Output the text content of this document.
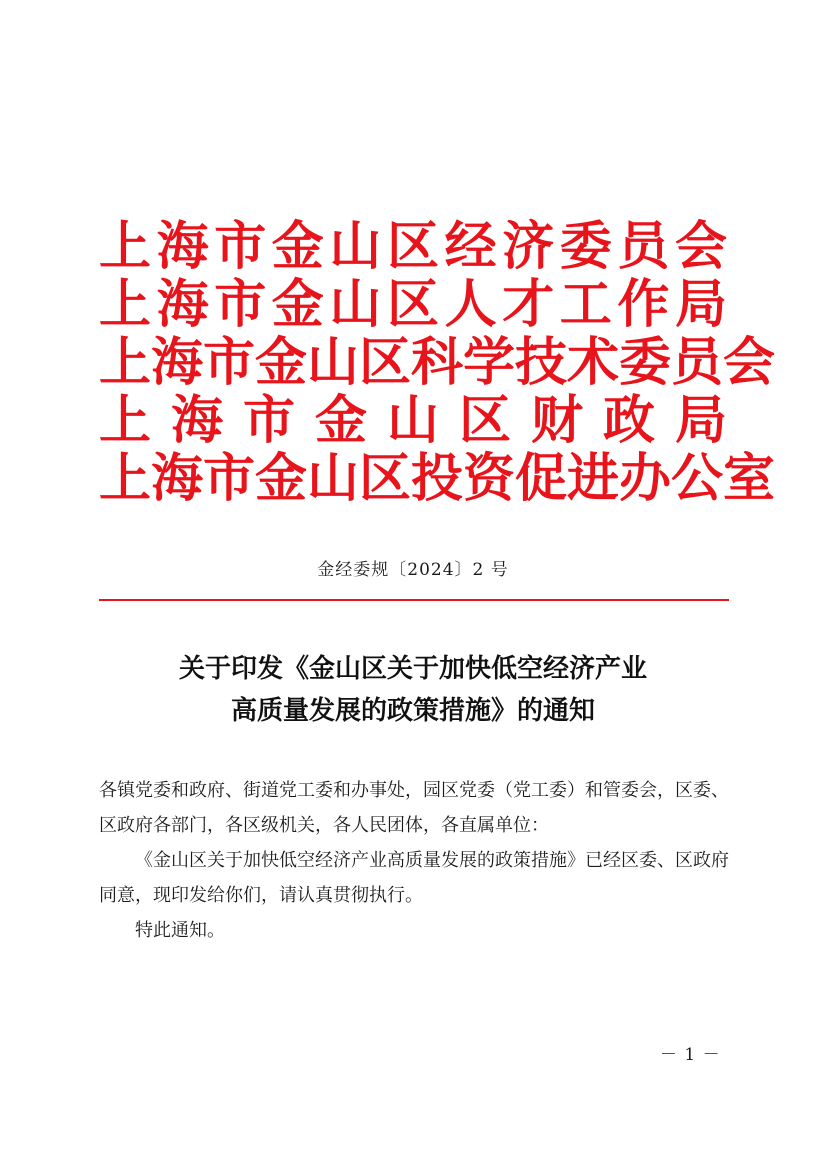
上海市金山区经济委员会
上海市金山区人才工作局
上海市金山区科学技术委员会
上海市金山区财政局
上海市金山区投资促进办公室
金经委规〔2024〕2 号
关于印发《金山区关于加快低空经济产业
高质量发展的政策措施》的通知

各镇党委和政府、街道党工委和办事处，园区党委（党工委）和管委会，区委、区政府各部门，各区级机关，各人民团体，各直属单位：

《金山区关于加快低空经济产业高质量发展的政策措施》已经区委、区政府同意，现印发给你们，请认真贯彻执行。

特此通知。

－ 1 －
